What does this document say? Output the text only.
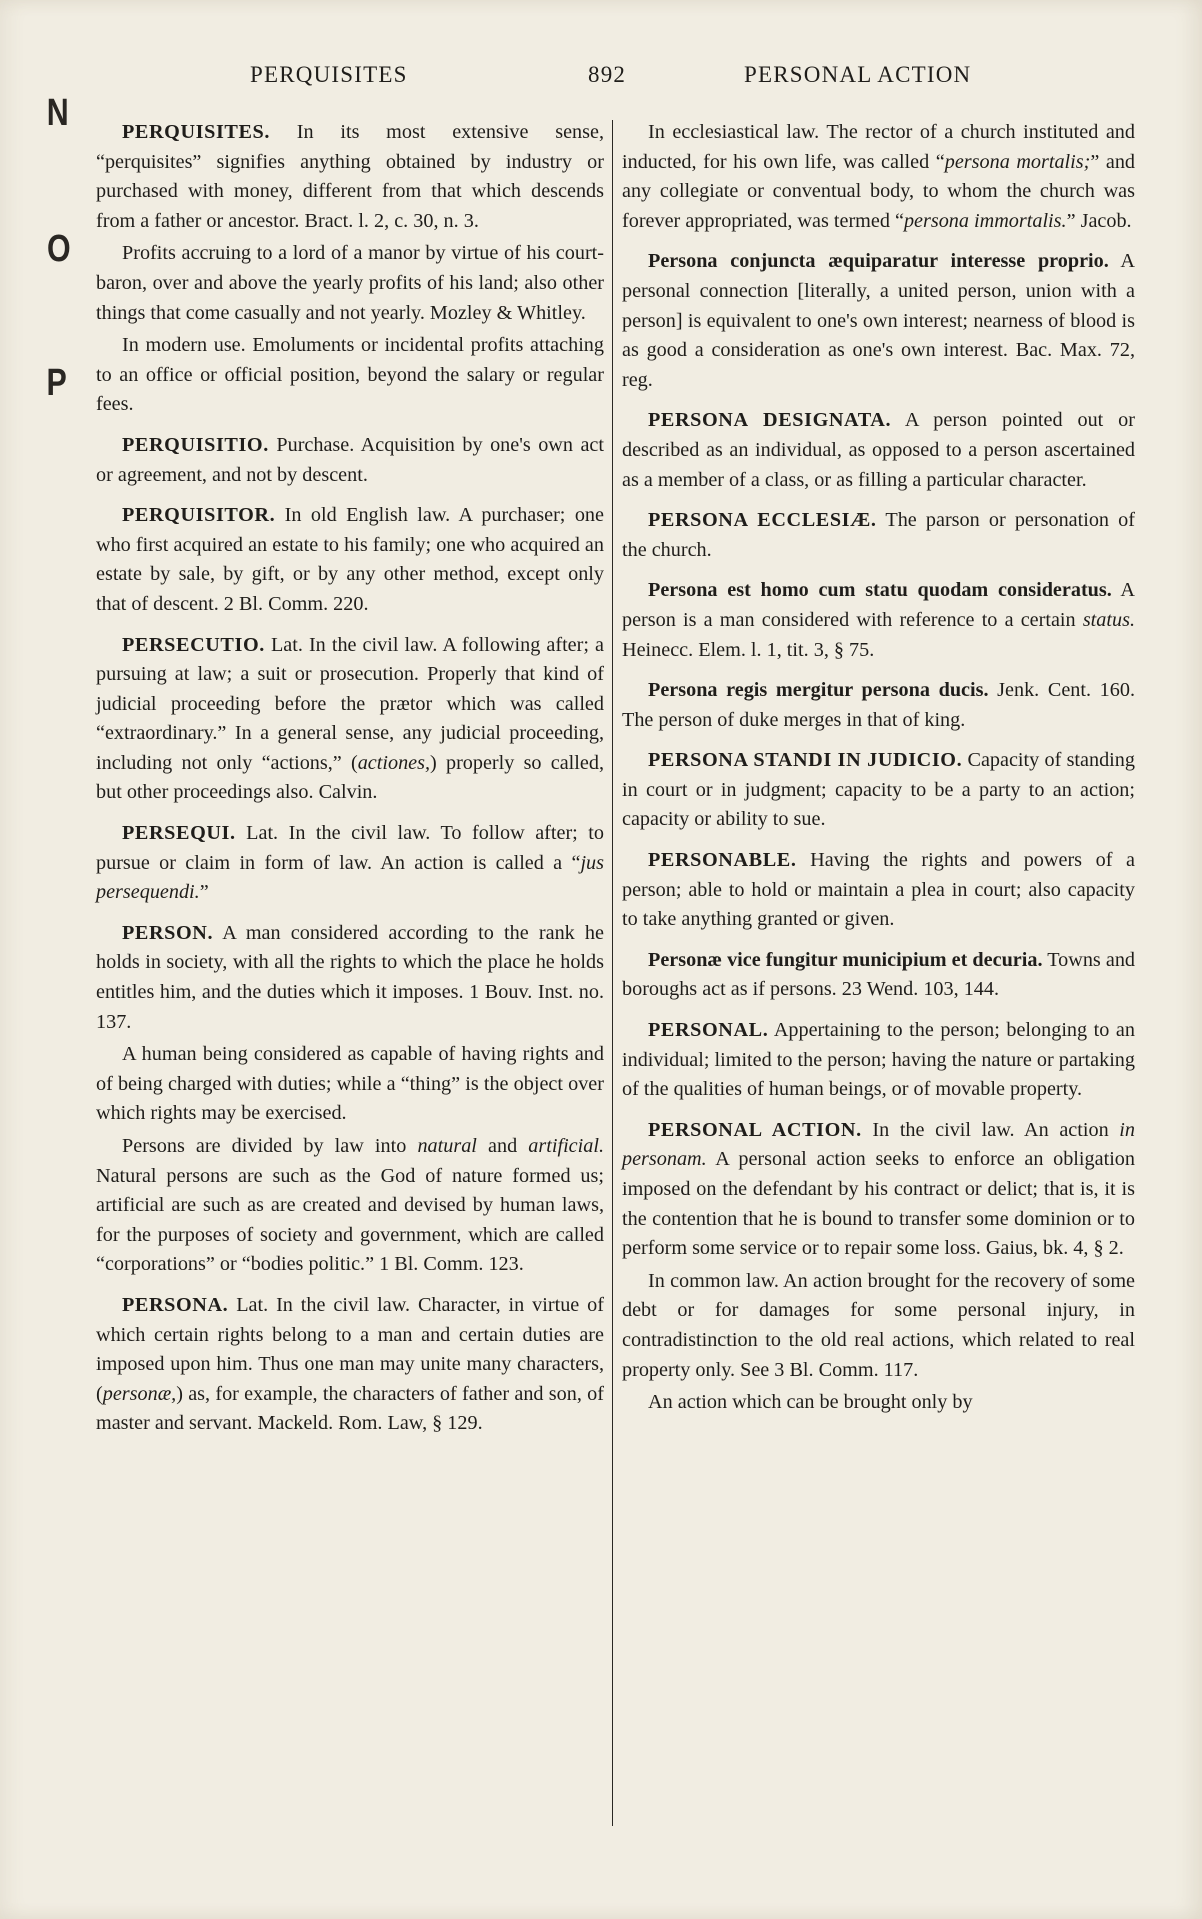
N
O
P
PERQUISITES	892	PERSONAL ACTION

PERQUISITES. In its most extensive sense, “perquisites” signifies anything obtained by industry or purchased with money, different from that which descends from a father or ancestor. Bract. l. 2, c. 30, n. 3.

Profits accruing to a lord of a manor by virtue of his court-baron, over and above the yearly profits of his land; also other things that come casually and not yearly. Mozley & Whitley.

In modern use. Emoluments or incidental profits attaching to an office or official position, beyond the salary or regular fees.

PERQUISITIO. Purchase. Acquisition by one's own act or agreement, and not by descent.

PERQUISITOR. In old English law. A purchaser; one who first acquired an estate to his family; one who acquired an estate by sale, by gift, or by any other method, except only that of descent. 2 Bl. Comm. 220.

PERSECUTIO. Lat. In the civil law. A following after; a pursuing at law; a suit or prosecution. Properly that kind of judicial proceeding before the prætor which was called “extraordinary.” In a general sense, any judicial proceeding, including not only “actions,” (actiones,) properly so called, but other proceedings also. Calvin.

PERSEQUI. Lat. In the civil law. To follow after; to pursue or claim in form of law. An action is called a “jus persequendi.”

PERSON. A man considered according to the rank he holds in society, with all the rights to which the place he holds entitles him, and the duties which it imposes. 1 Bouv. Inst. no. 137.

A human being considered as capable of having rights and of being charged with duties; while a “thing” is the object over which rights may be exercised.

Persons are divided by law into natural and artificial. Natural persons are such as the God of nature formed us; artificial are such as are created and devised by human laws, for the purposes of society and government, which are called “corporations” or “bodies politic.” 1 Bl. Comm. 123.

PERSONA. Lat. In the civil law. Character, in virtue of which certain rights belong to a man and certain duties are imposed upon him. Thus one man may unite many characters, (personæ,) as, for example, the characters of father and son, of master and servant. Mackeld. Rom. Law, § 129.

In ecclesiastical law. The rector of a church instituted and inducted, for his own life, was called “persona mortalis;” and any collegiate or conventual body, to whom the church was forever appropriated, was termed “persona immortalis.” Jacob.

Persona conjuncta æquiparatur interesse proprio. A personal connection [literally, a united person, union with a person] is equivalent to one's own interest; nearness of blood is as good a consideration as one's own interest. Bac. Max. 72, reg.

PERSONA DESIGNATA. A person pointed out or described as an individual, as opposed to a person ascertained as a member of a class, or as filling a particular character.

PERSONA ECCLESIÆ. The parson or personation of the church.

Persona est homo cum statu quodam consideratus. A person is a man considered with reference to a certain status. Heinecc. Elem. l. 1, tit. 3, § 75.

Persona regis mergitur persona ducis. Jenk. Cent. 160. The person of duke merges in that of king.

PERSONA STANDI IN JUDICIO. Capacity of standing in court or in judgment; capacity to be a party to an action; capacity or ability to sue.

PERSONABLE. Having the rights and powers of a person; able to hold or maintain a plea in court; also capacity to take anything granted or given.

Personæ vice fungitur municipium et decuria. Towns and boroughs act as if persons. 23 Wend. 103, 144.

PERSONAL. Appertaining to the person; belonging to an individual; limited to the person; having the nature or partaking of the qualities of human beings, or of movable property.

PERSONAL ACTION. In the civil law. An action in personam. A personal action seeks to enforce an obligation imposed on the defendant by his contract or delict; that is, it is the contention that he is bound to transfer some dominion or to perform some service or to repair some loss. Gaius, bk. 4, § 2.

In common law. An action brought for the recovery of some debt or for damages for some personal injury, in contradistinction to the old real actions, which related to real property only. See 3 Bl. Comm. 117.

An action which can be brought only by
